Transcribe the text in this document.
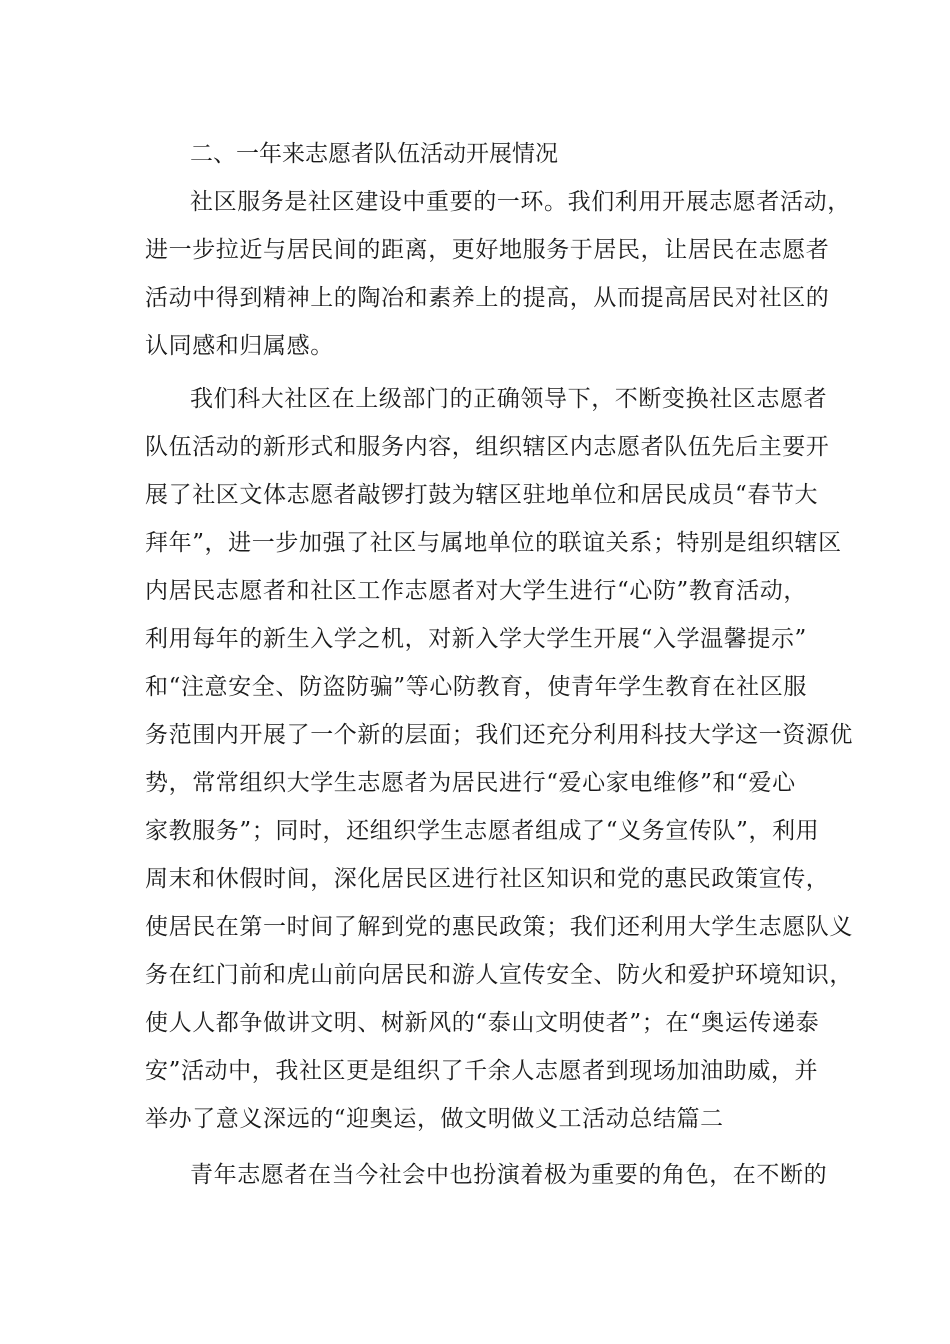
二、一年来志愿者队伍活动开展情况
社区服务是社区建设中重要的一环。我们利用开展志愿者活动，
进一步拉近与居民间的距离，更好地服务于居民，让居民在志愿者
活动中得到精神上的陶冶和素养上的提高，从而提高居民对社区的
认同感和归属感。
我们科大社区在上级部门的正确领导下，不断变换社区志愿者
队伍活动的新形式和服务内容，组织辖区内志愿者队伍先后主要开
展了社区文体志愿者敲锣打鼓为辖区驻地单位和居民成员“春节大
拜年”，进一步加强了社区与属地单位的联谊关系；特别是组织辖区
内居民志愿者和社区工作志愿者对大学生进行“心防”教育活动，
利用每年的新生入学之机，对新入学大学生开展“入学温馨提示”
和“注意安全、防盗防骗”等心防教育，使青年学生教育在社区服
务范围内开展了一个新的层面；我们还充分利用科技大学这一资源优
势，常常组织大学生志愿者为居民进行“爱心家电维修”和“爱心
家教服务”；同时，还组织学生志愿者组成了“义务宣传队”，利用
周末和休假时间，深化居民区进行社区知识和党的惠民政策宣传，
使居民在第一时间了解到党的惠民政策；我们还利用大学生志愿队义
务在红门前和虎山前向居民和游人宣传安全、防火和爱护环境知识，
使人人都争做讲文明、树新风的“泰山文明使者”；在“奥运传递泰
安”活动中，我社区更是组织了千余人志愿者到现场加油助威，并
举办了意义深远的“迎奥运，做文明做义工活动总结篇二
青年志愿者在当今社会中也扮演着极为重要的角色，在不断的
